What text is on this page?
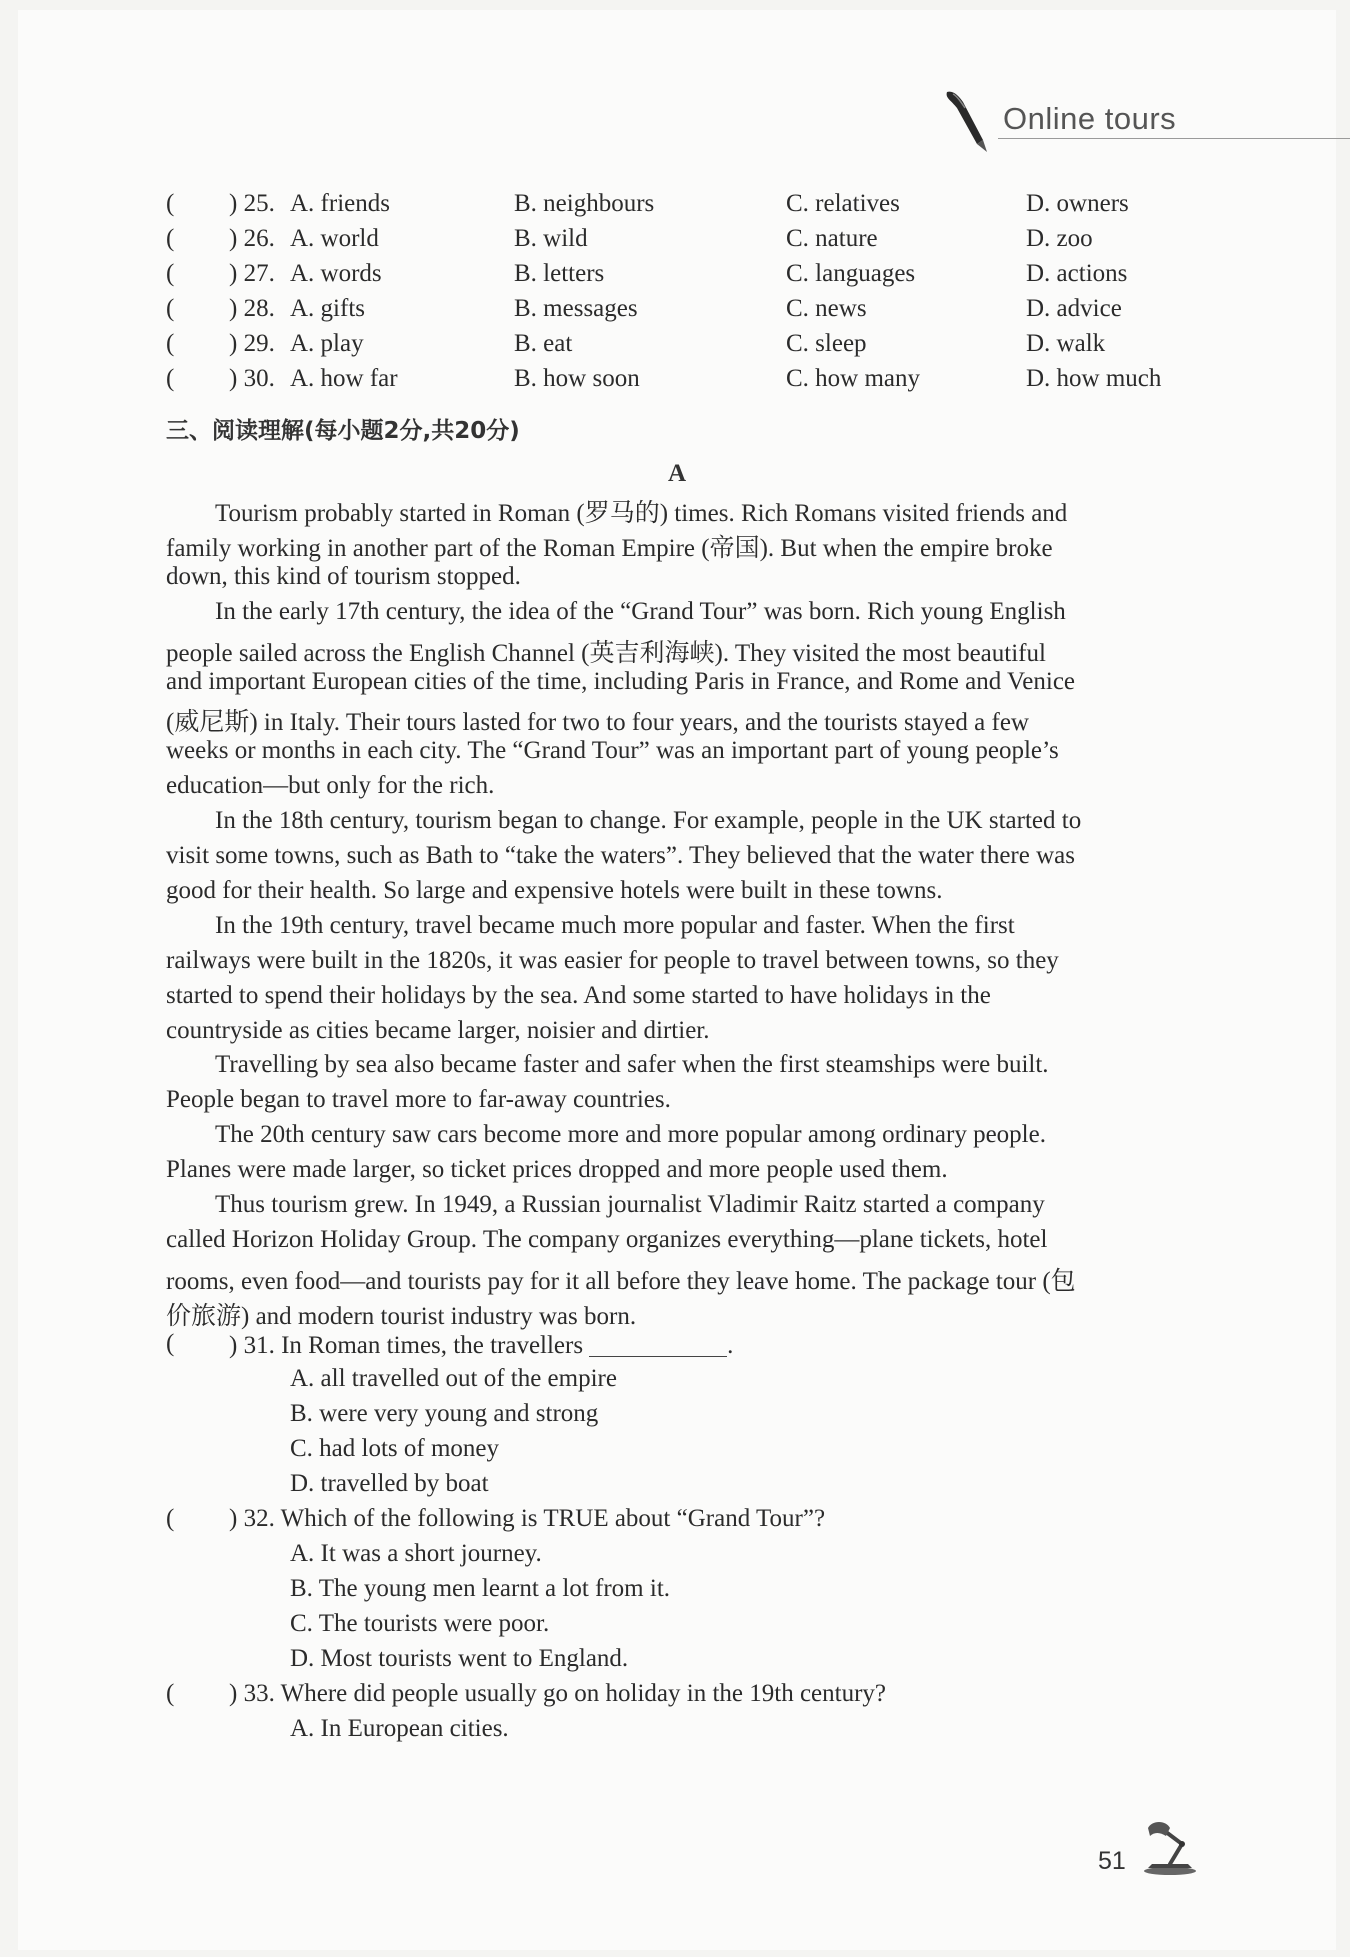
Online tours
( ) 25. A. friends	B. neighbours	C. relatives	D. owners
( ) 26. A. world	B. wild	C. nature	D. zoo
( ) 27. A. words	B. letters	C. languages	D. actions
( ) 28. A. gifts	B. messages	C. news	D. advice
( ) 29. A. play	B. eat	C. sleep	D. walk
( ) 30. A. how far	B. how soon	C. how many	D. how much
三、阅读理解(每小题2分,共20分)
A
Tourism probably started in Roman (罗马的) times. Rich Romans visited friends and
family working in another part of the Roman Empire (帝国). But when the empire broke
down, this kind of tourism stopped.
In the early 17th century, the idea of the “Grand Tour” was born. Rich young English
people sailed across the English Channel (英吉利海峡). They visited the most beautiful
and important European cities of the time, including Paris in France, and Rome and Venice
(威尼斯) in Italy. Their tours lasted for two to four years, and the tourists stayed a few
weeks or months in each city. The “Grand Tour” was an important part of young people’s
education—but only for the rich.
In the 18th century, tourism began to change. For example, people in the UK started to
visit some towns, such as Bath to “take the waters”. They believed that the water there was
good for their health. So large and expensive hotels were built in these towns.
In the 19th century, travel became much more popular and faster. When the first
railways were built in the 1820s, it was easier for people to travel between towns, so they
started to spend their holidays by the sea. And some started to have holidays in the
countryside as cities became larger, noisier and dirtier.
Travelling by sea also became faster and safer when the first steamships were built.
People began to travel more to far-away countries.
The 20th century saw cars become more and more popular among ordinary people.
Planes were made larger, so ticket prices dropped and more people used them.
Thus tourism grew. In 1949, a Russian journalist Vladimir Raitz started a company
called Horizon Holiday Group. The company organizes everything—plane tickets, hotel
rooms, even food—and tourists pay for it all before they leave home. The package tour (包
价旅游) and modern tourist industry was born.
( ) 31. In Roman times, the travellers	.
A. all travelled out of the empire
B. were very young and strong
C. had lots of money
D. travelled by boat
( ) 32. Which of the following is TRUE about “Grand Tour”?
A. It was a short journey.
B. The young men learnt a lot from it.
C. The tourists were poor.
D. Most tourists went to England.
( ) 33. Where did people usually go on holiday in the 19th century?
A. In European cities.
51
